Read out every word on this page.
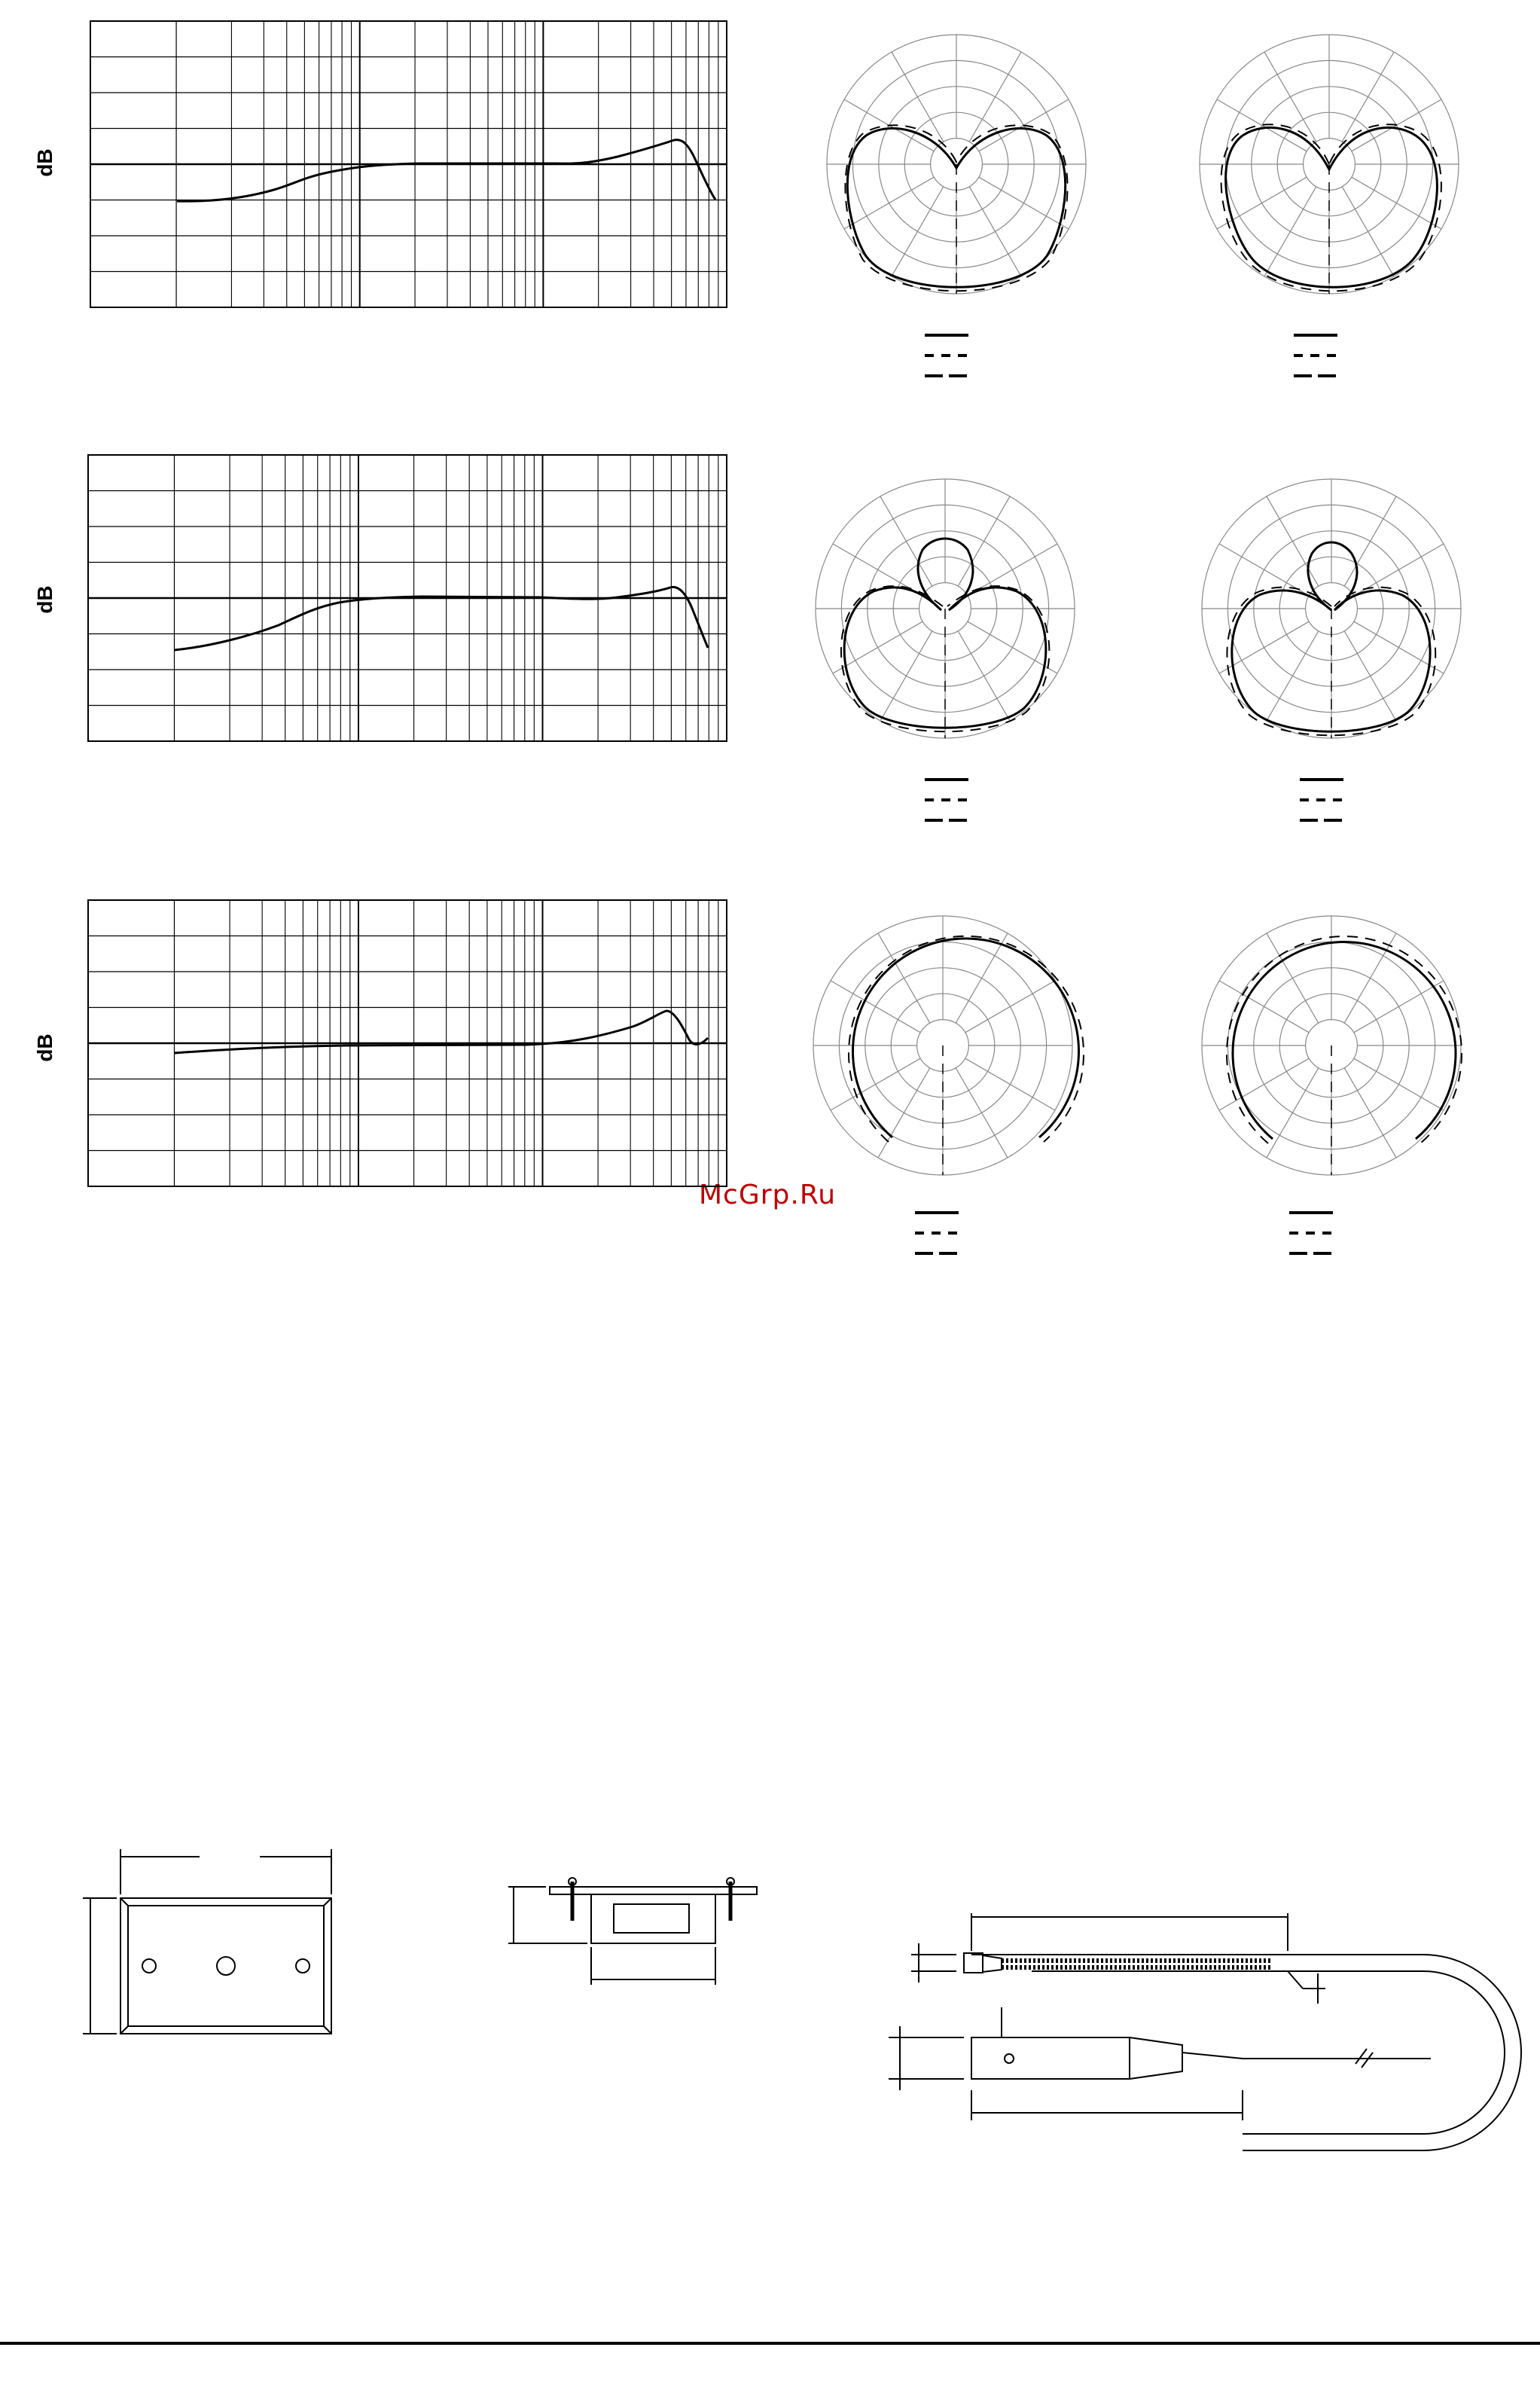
dB
dB
dB
McGrp.Ru
